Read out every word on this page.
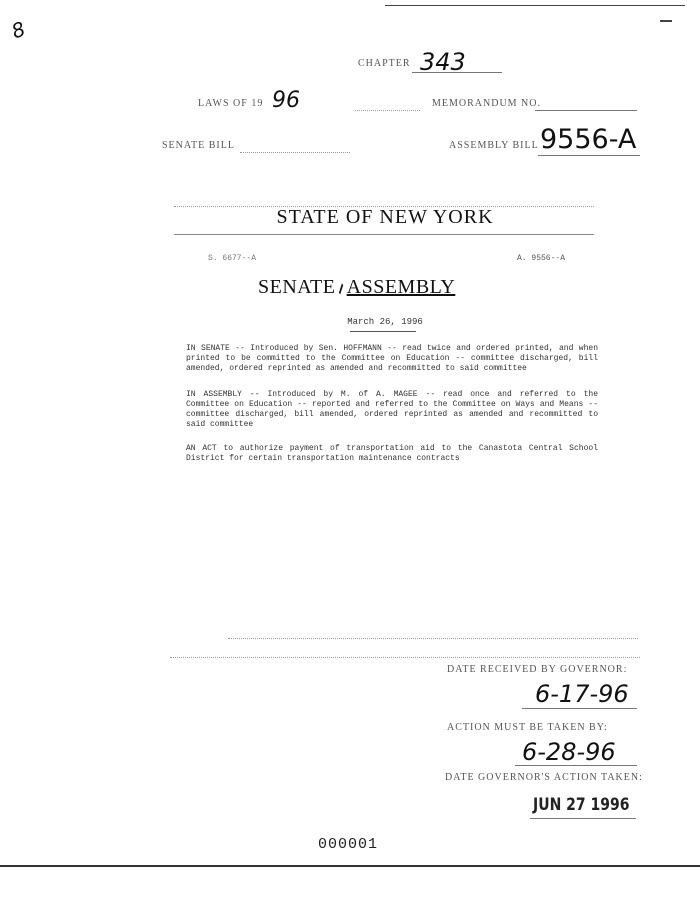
8
CHAPTER 343
LAWS OF 19 96	MEMORANDUM NO.
SENATE BILL	ASSEMBLY BILL 9556-A
STATE OF NEW YORK
S. 6677--A	A. 9556--A
SENATE-ASSEMBLY
March 26, 1996
IN SENATE -- Introduced by Sen. HOFFMANN -- read twice and ordered printed, and when printed to be committed to the Committee on Education -- committee discharged, bill amended, ordered reprinted as amended and recommitted to said committee
IN ASSEMBLY -- Introduced by M. of A. MAGEE -- read once and referred to the Committee on Education -- reported and referred to the Committee on Ways and Means -- committee discharged, bill amended, ordered reprinted as amended and recommitted to said committee
AN ACT to authorize payment of transportation aid to the Canastota Central School District for certain transportation maintenance contracts
DATE RECEIVED BY GOVERNOR:
6-17-96
ACTION MUST BE TAKEN BY:
6-28-96
DATE GOVERNOR'S ACTION TAKEN:
JUN 27 1996
000001
